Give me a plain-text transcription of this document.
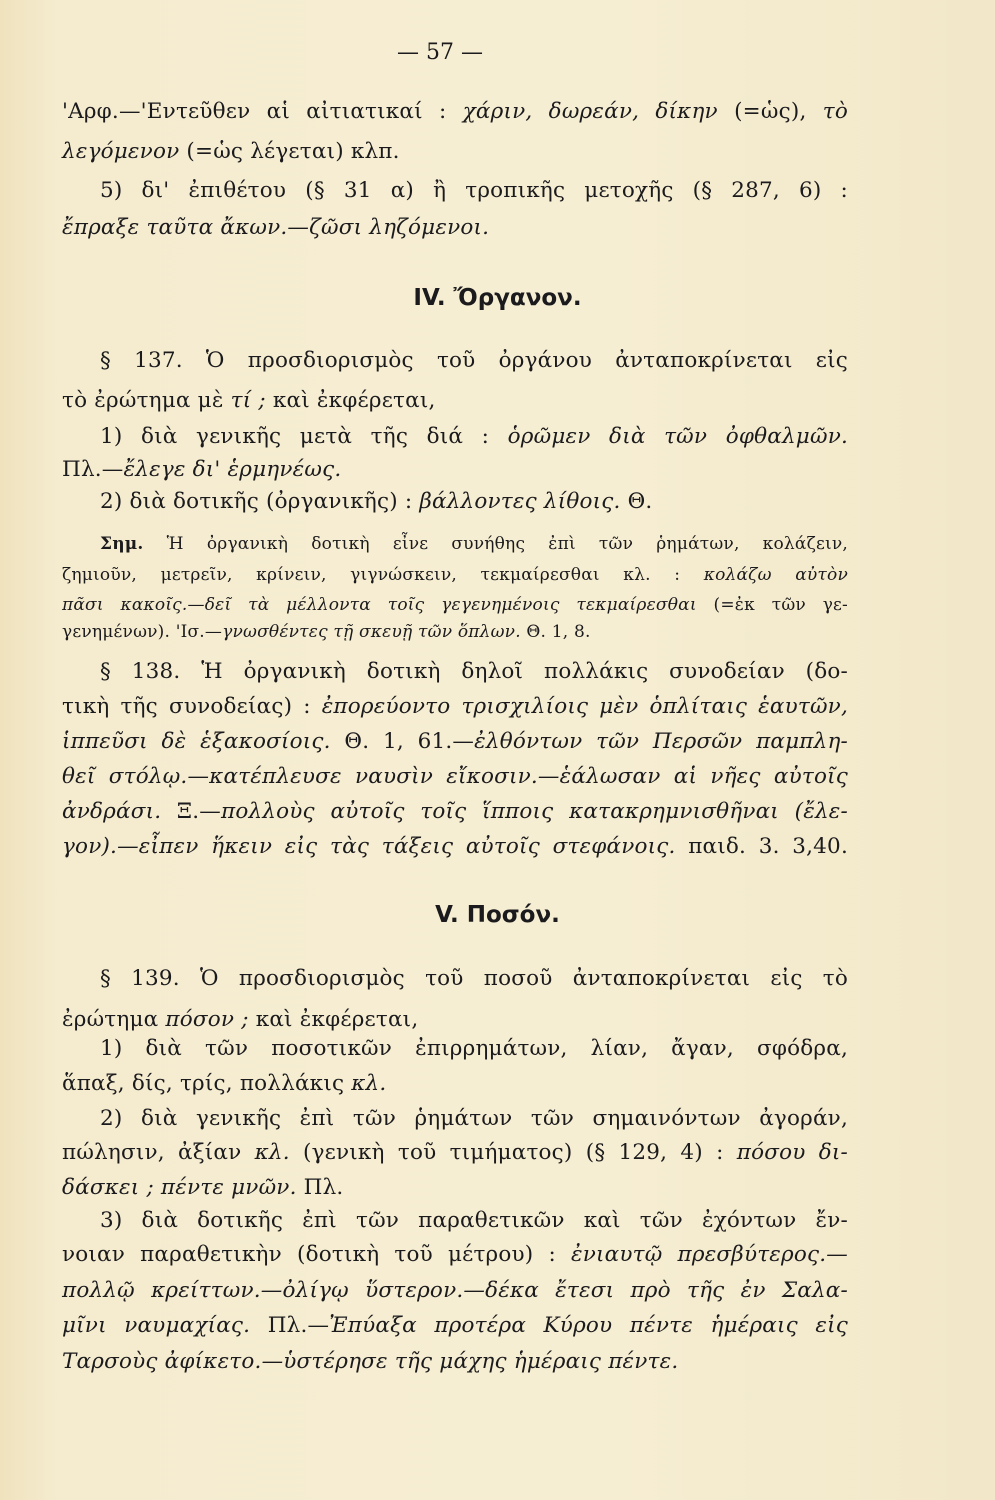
— 57 —
'Αρφ.—'Εντεῦθεν αἱ αἰτιατικαί : χάριν, δωρεάν, δίκην (=ὡς), τὸ
λεγόμενον (=ὡς λέγεται) κλπ.
5) δι' ἐπιθέτου (§ 31 α) ἢ τροπικῆς μετοχῆς (§ 287, 6) :
ἔπραξε ταῦτα ἄκων.—ζῶσι ληζόμενοι.
IV. Ὄργανον.
§ 137. Ὁ προσδιορισμὸς τοῦ ὀργάνου ἀνταποκρίνεται εἰς
τὸ ἐρώτημα μὲ τί ; καὶ ἐκφέρεται,
1) διὰ γενικῆς μετὰ τῆς διά : ὁρῶμεν διὰ τῶν ὀφθαλμῶν.
Πλ.—ἔλεγε δι' ἑρμηνέως.
2) διὰ δοτικῆς (ὀργανικῆς) : βάλλοντες λίθοις. Θ.
Σημ. Ἡ ὀργανικὴ δοτικὴ εἶνε συνήθης ἐπὶ τῶν ῥημάτων, κολάζειν,
ζημιοῦν, μετρεῖν, κρίνειν, γιγνώσκειν, τεκμαίρεσθαι κλ. : κολάζω αὐτὸν
πᾶσι κακοῖς.—δεῖ τὰ μέλλοντα τοῖς γεγενημένοις τεκμαίρεσθαι (=ἐκ τῶν γε-
γενημένων). 'Ισ.—γνωσθέντες τῇ σκευῇ τῶν ὅπλων. Θ. 1, 8.
§ 138. Ἡ ὀργανικὴ δοτικὴ δηλοῖ πολλάκις συνοδείαν (δο-
τικὴ τῆς συνοδείας) : ἐπορεύοντο τρισχιλίοις μὲν ὁπλίταις ἑαυτῶν,
ἱππεῦσι δὲ ἑξακοσίοις. Θ. 1, 61.—ἐλθόντων τῶν Περσῶν παμπλη-
θεῖ στόλῳ.—κατέπλευσε ναυσὶν εἴκοσιν.—ἑάλωσαν αἱ νῆες αὐτοῖς
ἀνδράσι. Ξ.—πολλοὺς αὐτοῖς τοῖς ἵπποις κατακρημνισθῆναι (ἔλε-
γον).—εἶπεν ἥκειν εἰς τὰς τάξεις αὐτοῖς στεφάνοις. παιδ. 3. 3,40.
V. Ποσόν.
§ 139. Ὁ προσδιορισμὸς τοῦ ποσοῦ ἀνταποκρίνεται εἰς τὸ
ἐρώτημα πόσον ; καὶ ἐκφέρεται,
1) διὰ τῶν ποσοτικῶν ἐπιρρημάτων, λίαν, ἄγαν, σφόδρα,
ἅπαξ, δίς, τρίς, πολλάκις κλ.
2) διὰ γενικῆς ἐπὶ τῶν ῥημάτων τῶν σημαινόντων ἀγοράν,
πώλησιν, ἀξίαν κλ. (γενικὴ τοῦ τιμήματος) (§ 129, 4) : πόσου δι-
δάσκει ; πέντε μνῶν. Πλ.
3) διὰ δοτικῆς ἐπὶ τῶν παραθετικῶν καὶ τῶν ἐχόντων ἔν-
νοιαν παραθετικὴν (δοτικὴ τοῦ μέτρου) : ἐνιαυτῷ πρεσβύτερος.—
πολλῷ κρείττων.—ὀλίγῳ ὕστερον.—δέκα ἔτεσι πρὸ τῆς ἐν Σαλα-
μῖνι ναυμαχίας. Πλ.—Ἐπύαξα προτέρα Κύρου πέντε ἡμέραις εἰς
Ταρσοὺς ἀφίκετο.—ὑστέρησε τῆς μάχης ἡμέραις πέντε.
